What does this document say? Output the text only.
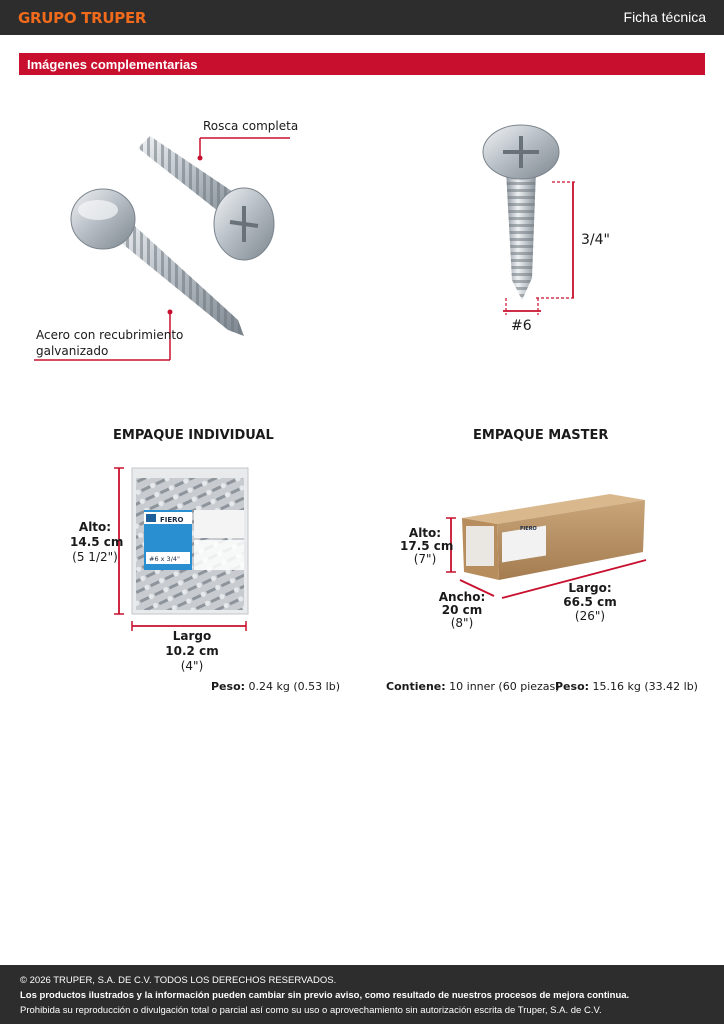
GRUPO TRUPER	Ficha técnica
Imágenes complementarias
FIERO
#6 x 3/4"
FIERO
Rosca completa
Acero con recubrimiento
galvanizado
3/4"
#6
EMPAQUE INDIVIDUAL
Alto:
14.5 cm
(5 1/2")
Largo
10.2 cm
(4")
Peso: 0.24 kg (0.53 lb)
EMPAQUE MASTER
Alto:
17.5 cm
(7")
Ancho:
20 cm
(8")
Largo:
66.5 cm
(26")
Contiene: 10 inner (60 piezas)
Peso: 15.16 kg (33.42 lb)
© 2026 TRUPER, S.A. DE C.V. TODOS LOS DERECHOS RESERVADOS.
Los productos ilustrados y la información pueden cambiar sin previo aviso, como resultado de nuestros procesos de mejora continua.
Prohibida su reproducción o divulgación total o parcial así como su uso o aprovechamiento sin autorización escrita de Truper, S.A. de C.V.
